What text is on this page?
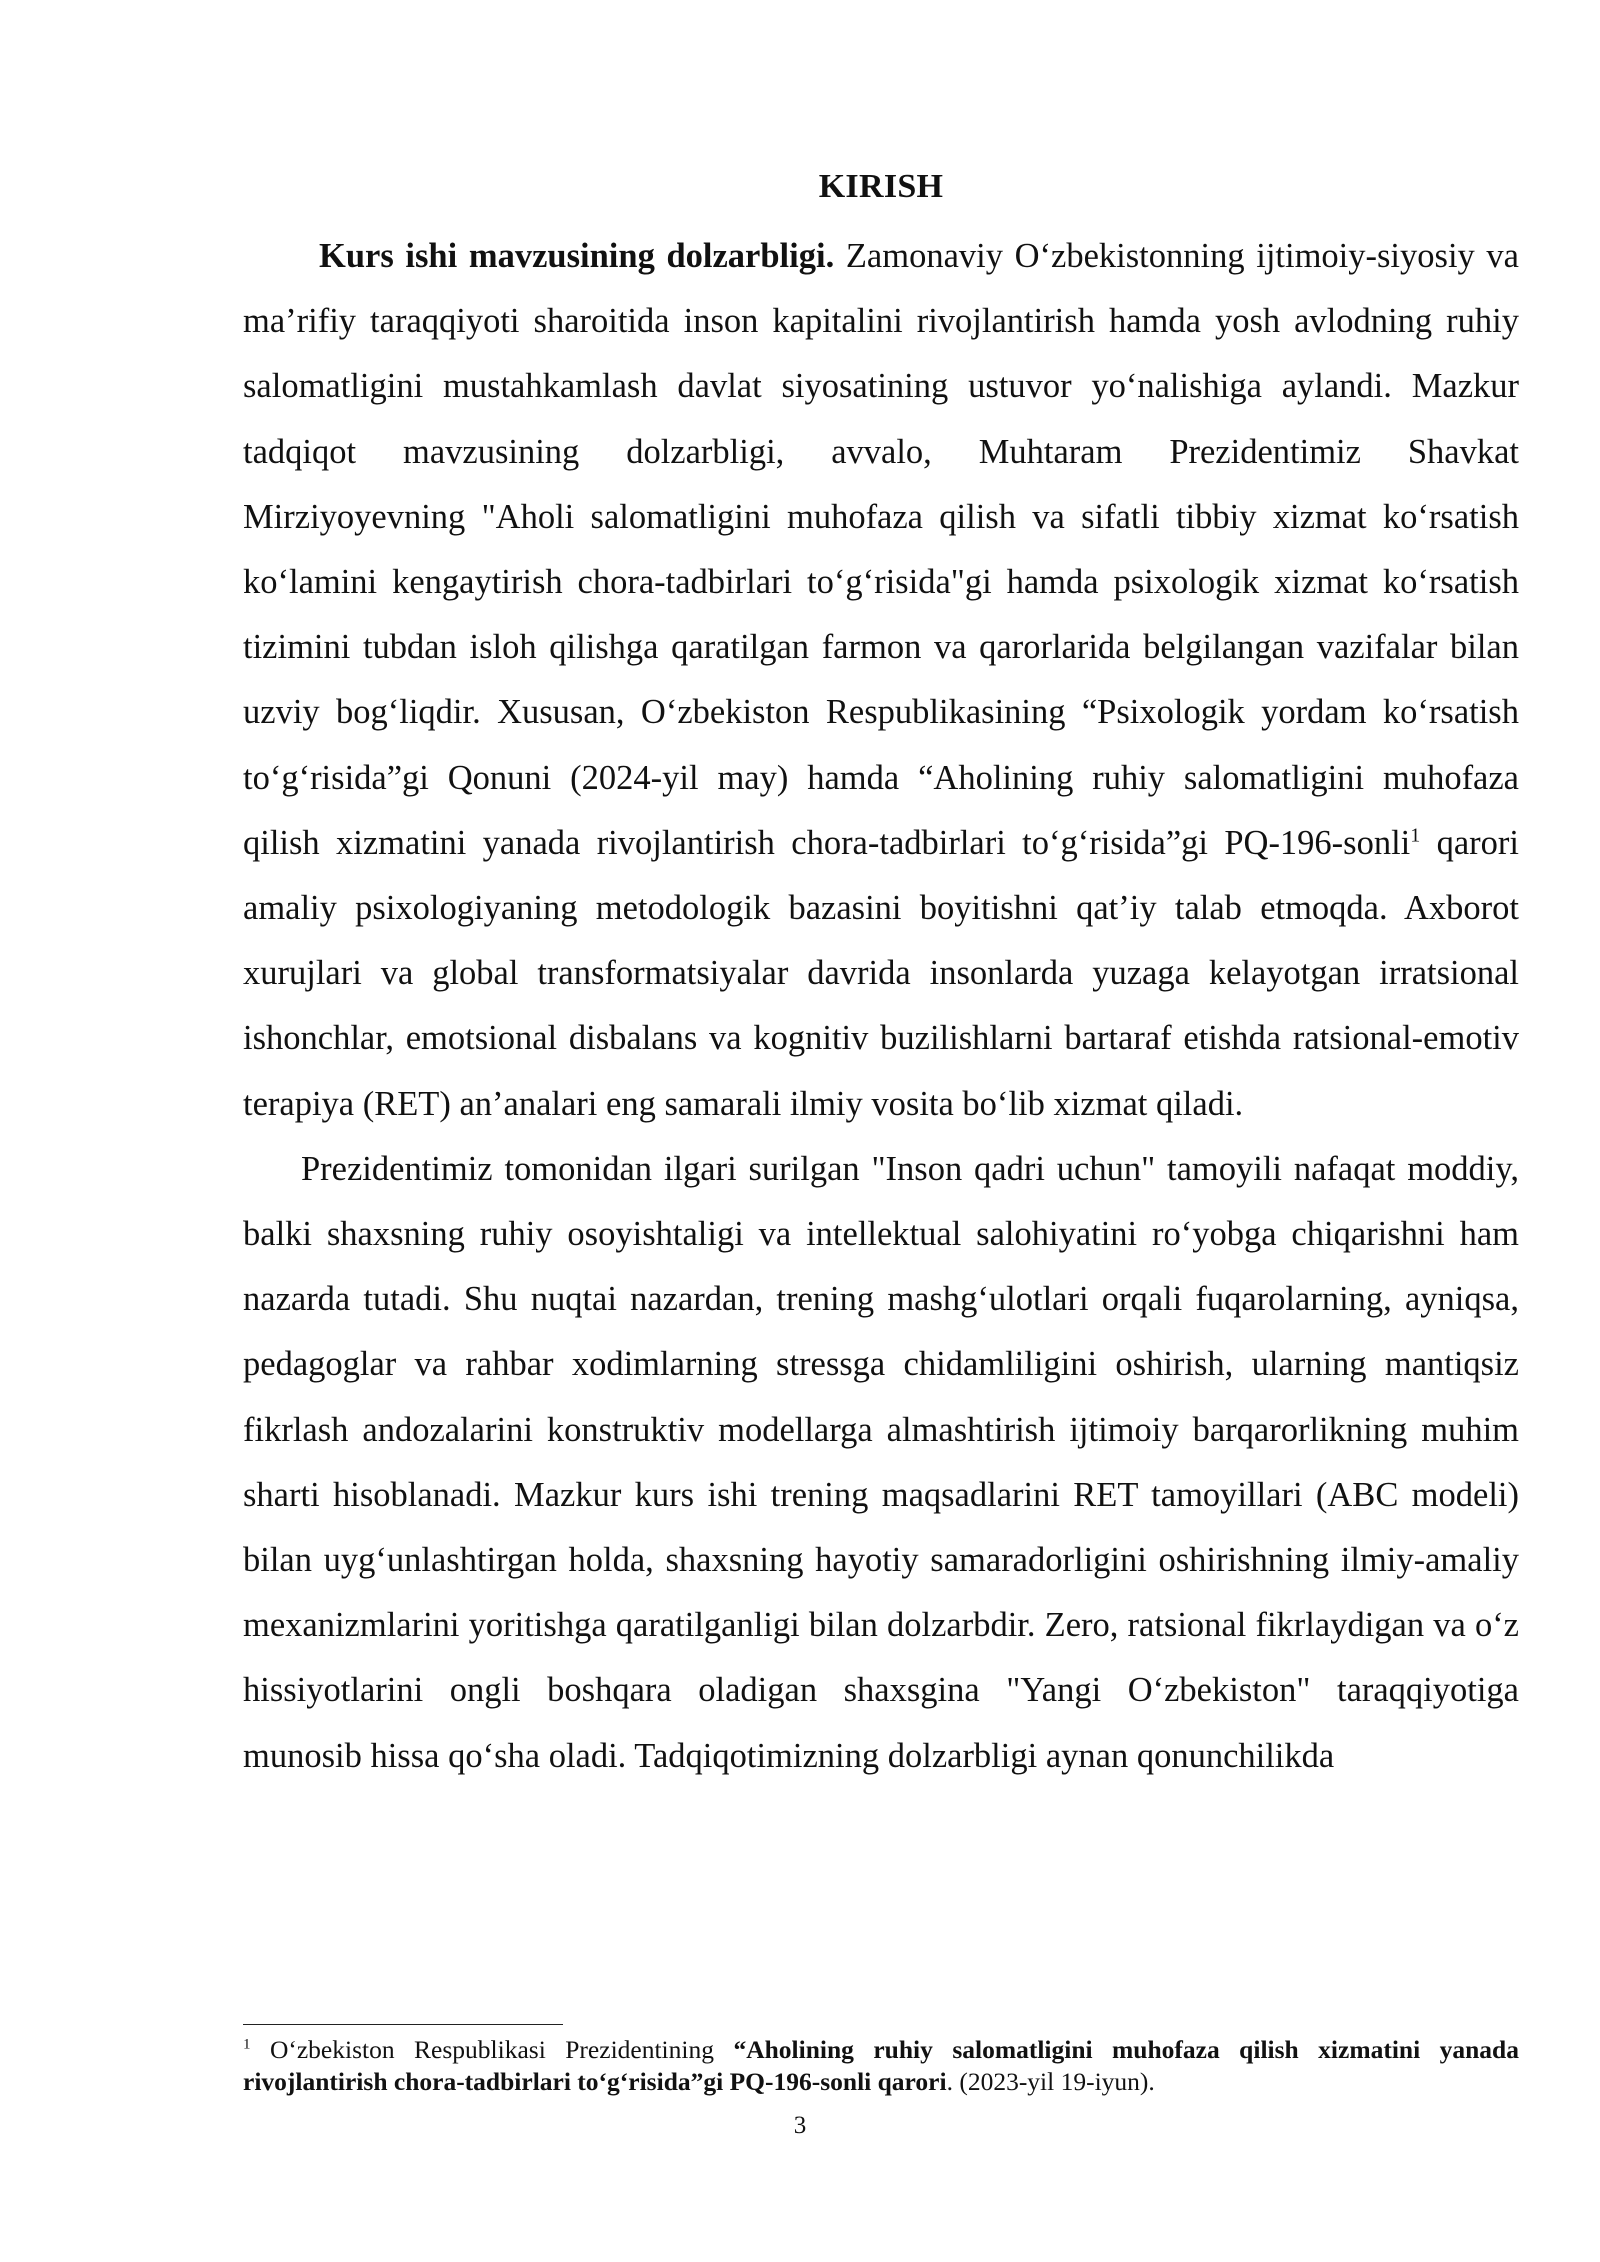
KIRISH

Kurs ishi mavzusining dolzarbligi. Zamonaviy O‘zbekistonning ijtimoiy-siyosiy va ma’rifiy taraqqiyoti sharoitida inson kapitalini rivojlantirish hamda yosh avlodning ruhiy salomatligini mustahkamlash davlat siyosatining ustuvor yo‘nalishiga aylandi. Mazkur tadqiqot mavzusining dolzarbligi, avvalo, Muhtaram Prezidentimiz Shavkat Mirziyoyevning "Aholi salomatligini muhofaza qilish va sifatli tibbiy xizmat ko‘rsatish ko‘lamini kengaytirish chora-tadbirlari to‘g‘risida"gi hamda psixologik xizmat ko‘rsatish tizimini tubdan isloh qilishga qaratilgan farmon va qarorlarida belgilangan vazifalar bilan uzviy bog‘liqdir. Xususan, O‘zbekiston Respublikasining “Psixologik yordam ko‘rsatish to‘g‘risida”gi Qonuni (2024-yil may) hamda “Aholining ruhiy salomatligini muhofaza qilish xizmatini yanada rivojlantirish chora-tadbirlari to‘g‘risida”gi PQ-196-sonli$^1$ qarori amaliy psixologiyaning metodologik bazasini boyitishni qat’iy talab etmoqda. Axborot xurujlari va global transformatsiyalar davrida insonlarda yuzaga kelayotgan irratsional ishonchlar, emotsional disbalans va kognitiv buzilishlarni bartaraf etishda ratsional-emotiv terapiya (RET) an’analari eng samarali ilmiy vosita bo‘lib xizmat qiladi.

Prezidentimiz tomonidan ilgari surilgan "Inson qadri uchun" tamoyili nafaqat moddiy, balki shaxsning ruhiy osoyishtaligi va intellektual salohiyatini ro‘yobga chiqarishni ham nazarda tutadi. Shu nuqtai nazardan, trening mashg‘ulotlari orqali fuqarolarning, ayniqsa, pedagoglar va rahbar xodimlarning stressga chidamliligini oshirish, ularning mantiqsiz fikrlash andozalarini konstruktiv modellarga almashtirish ijtimoiy barqarorlikning muhim sharti hisoblanadi. Mazkur kurs ishi trening maqsadlarini RET tamoyillari (ABC modeli) bilan uyg‘unlashtirgan holda, shaxsning hayotiy samaradorligini oshirishning ilmiy-amaliy mexanizmlarini yoritishga qaratilganligi bilan dolzarbdir. Zero, ratsional fikrlaydigan va o‘z hissiyotlarini ongli boshqara oladigan shaxsgina "Yangi O‘zbekiston" taraqqiyotiga munosib hissa qo‘sha oladi. Tadqiqotimizning dolzarbligi aynan qonunchilikda

$^1$ O‘zbekiston Respublikasi Prezidentining “Aholining ruhiy salomatligini muhofaza qilish xizmatini yanada rivojlantirish chora-tadbirlari to‘g‘risida”gi PQ-196-sonli qarori. (2023-yil 19-iyun).
3
